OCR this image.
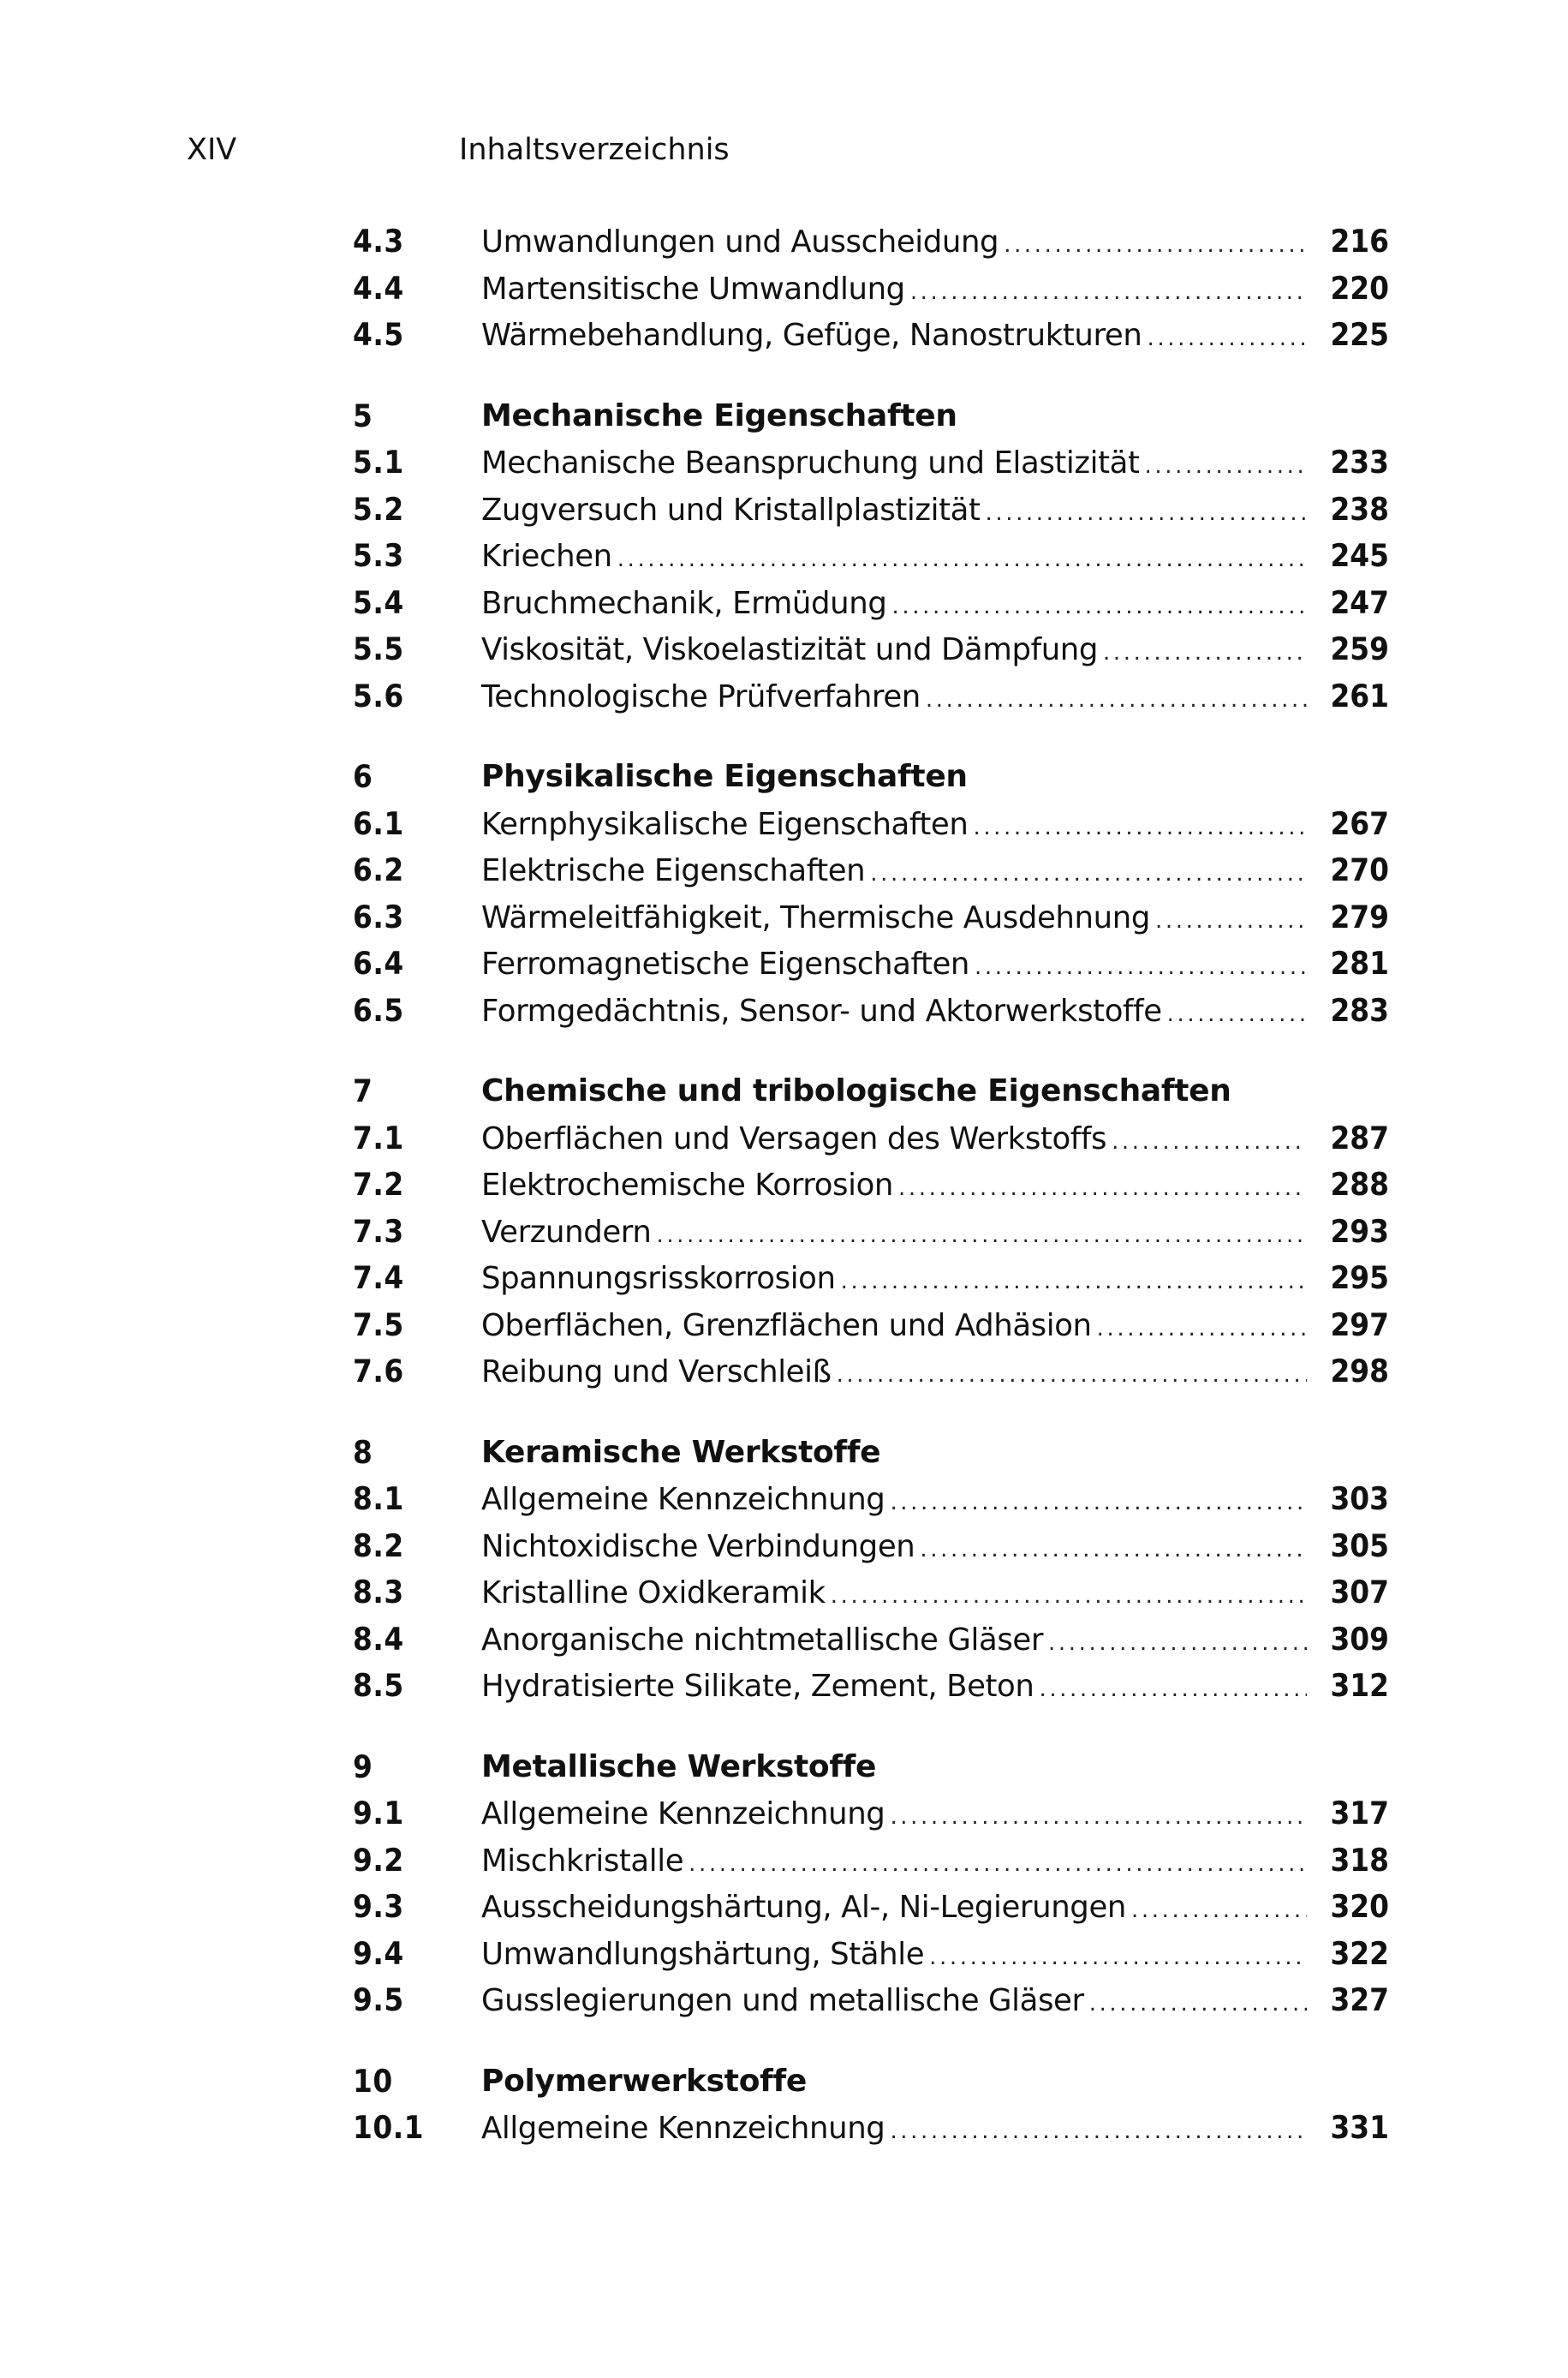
XIV	Inhaltsverzeichnis
4.3	Umwandlungen und Ausscheidung .....	216
4.4	Martensitische Umwandlung .....	220
4.5	Wärmebehandlung, Gefüge, Nanostrukturen .....	225
5	Mechanische Eigenschaften
5.1	Mechanische Beanspruchung und Elastizität .....	233
5.2	Zugversuch und Kristallplastizität .....	238
5.3	Kriechen .....	245
5.4	Bruchmechanik, Ermüdung .....	247
5.5	Viskosität, Viskoelastizität und Dämpfung .....	259
5.6	Technologische Prüfverfahren .....	261
6	Physikalische Eigenschaften
6.1	Kernphysikalische Eigenschaften .....	267
6.2	Elektrische Eigenschaften .....	270
6.3	Wärmeleitfähigkeit, Thermische Ausdehnung .....	279
6.4	Ferromagnetische Eigenschaften .....	281
6.5	Formgedächtnis, Sensor- und Aktorwerkstoffe .....	283
7	Chemische und tribologische Eigenschaften
7.1	Oberflächen und Versagen des Werkstoffs .....	287
7.2	Elektrochemische Korrosion .....	288
7.3	Verzundern .....	293
7.4	Spannungsrisskorrosion .....	295
7.5	Oberflächen, Grenzflächen und Adhäsion .....	297
7.6	Reibung und Verschleiß .....	298
8	Keramische Werkstoffe
8.1	Allgemeine Kennzeichnung .....	303
8.2	Nichtoxidische Verbindungen .....	305
8.3	Kristalline Oxidkeramik .....	307
8.4	Anorganische nichtmetallische Gläser .....	309
8.5	Hydratisierte Silikate, Zement, Beton .....	312
9	Metallische Werkstoffe
9.1	Allgemeine Kennzeichnung .....	317
9.2	Mischkristalle .....	318
9.3	Ausscheidungshärtung, Al-, Ni-Legierungen .....	320
9.4	Umwandlungshärtung, Stähle .....	322
9.5	Gusslegierungen und metallische Gläser .....	327
10	Polymerwerkstoffe
10.1	Allgemeine Kennzeichnung .....	331
